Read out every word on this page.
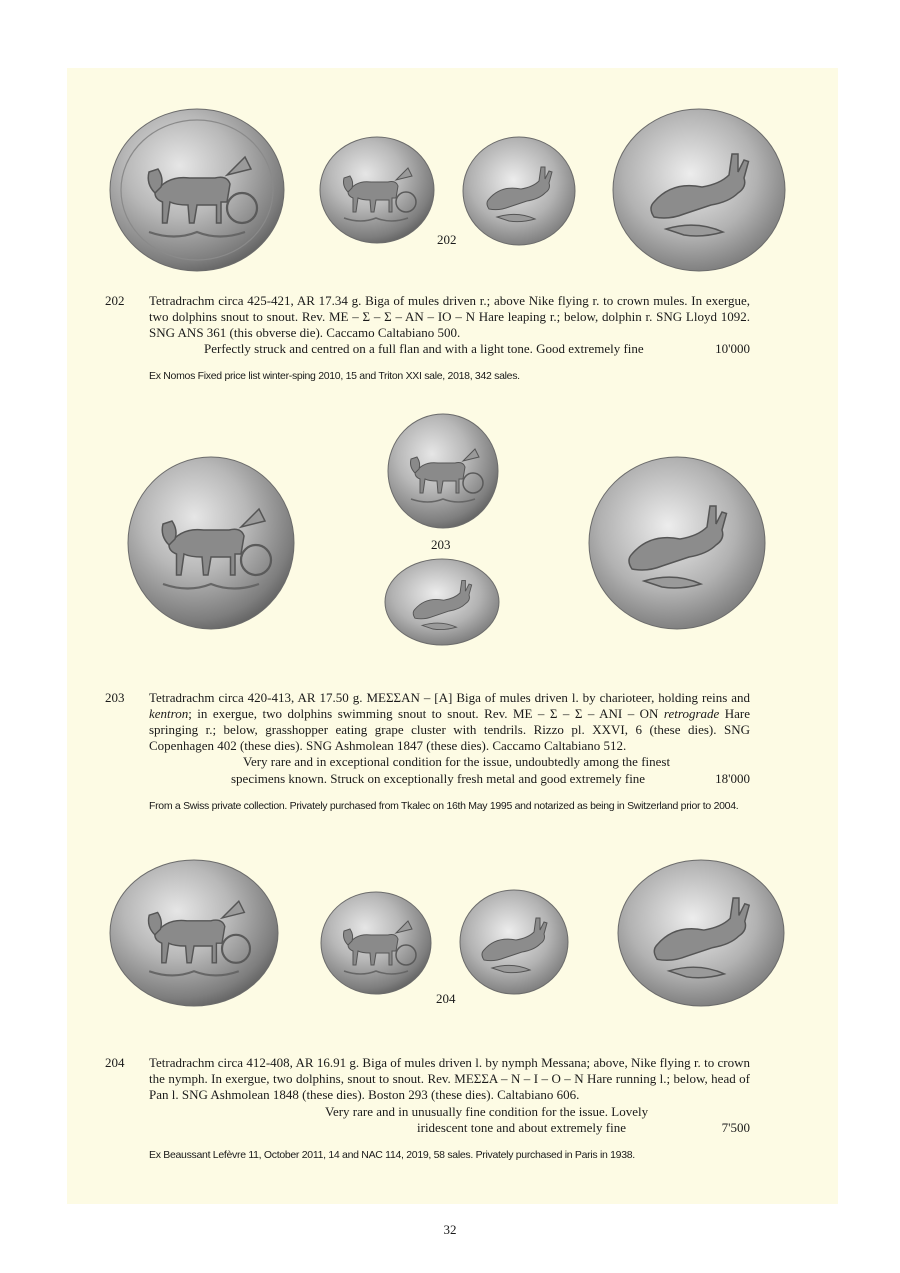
202
202 Tetradrachm circa 425-421, AR 17.34 g. Biga of mules driven r.; above Nike flying r. to crown mules. In exergue, two dolphins snout to snout. Rev. ΜΕ – Σ – Σ – ΑΝ – ΙΟ – Ν Hare leaping r.; below, dolphin r. SNG Lloyd 1092. SNG ANS 361 (this obverse die). Caccamo Caltabiano 500.
Perfectly struck and centred on a full flan and with a light tone. Good extremely fine	10'000
Ex Nomos Fixed price list winter-sping 2010, 15 and Triton XXI sale, 2018, 342 sales.
203
203 Tetradrachm circa 420-413, AR 17.50 g. ΜΕΣΣΑΝ – [Α] Biga of mules driven l. by charioteer, holding reins and kentron; in exergue, two dolphins swimming snout to snout. Rev. ΜΕ – Σ – Σ – ΑΝΙ – ΟΝ retrograde Hare springing r.; below, grasshopper eating grape cluster with tendrils. Rizzo pl. XXVI, 6 (these dies). SNG Copenhagen 402 (these dies). SNG Ashmolean 1847 (these dies). Caccamo Caltabiano 512.
Very rare and in exceptional condition for the issue, undoubtedly among the finest
specimens known. Struck on exceptionally fresh metal and good extremely fine	18'000
From a Swiss private collection. Privately purchased from Tkalec on 16th May 1995 and notarized as being in Switzerland prior to 2004.
204
204 Tetradrachm circa 412-408, AR 16.91 g. Biga of mules driven l. by nymph Messana; above, Nike flying r. to crown the nymph. In exergue, two dolphins, snout to snout. Rev. ΜΕΣΣΑ – Ν – Ι – Ο – Ν Hare running l.; below, head of Pan l. SNG Ashmolean 1848 (these dies). Boston 293 (these dies). Caltabiano 606.
Very rare and in unusually fine condition for the issue. Lovely
iridescent tone and about extremely fine	7'500
Ex Beaussant Lefèvre 11, October 2011, 14 and NAC 114, 2019, 58 sales. Privately purchased in Paris in 1938.
32
